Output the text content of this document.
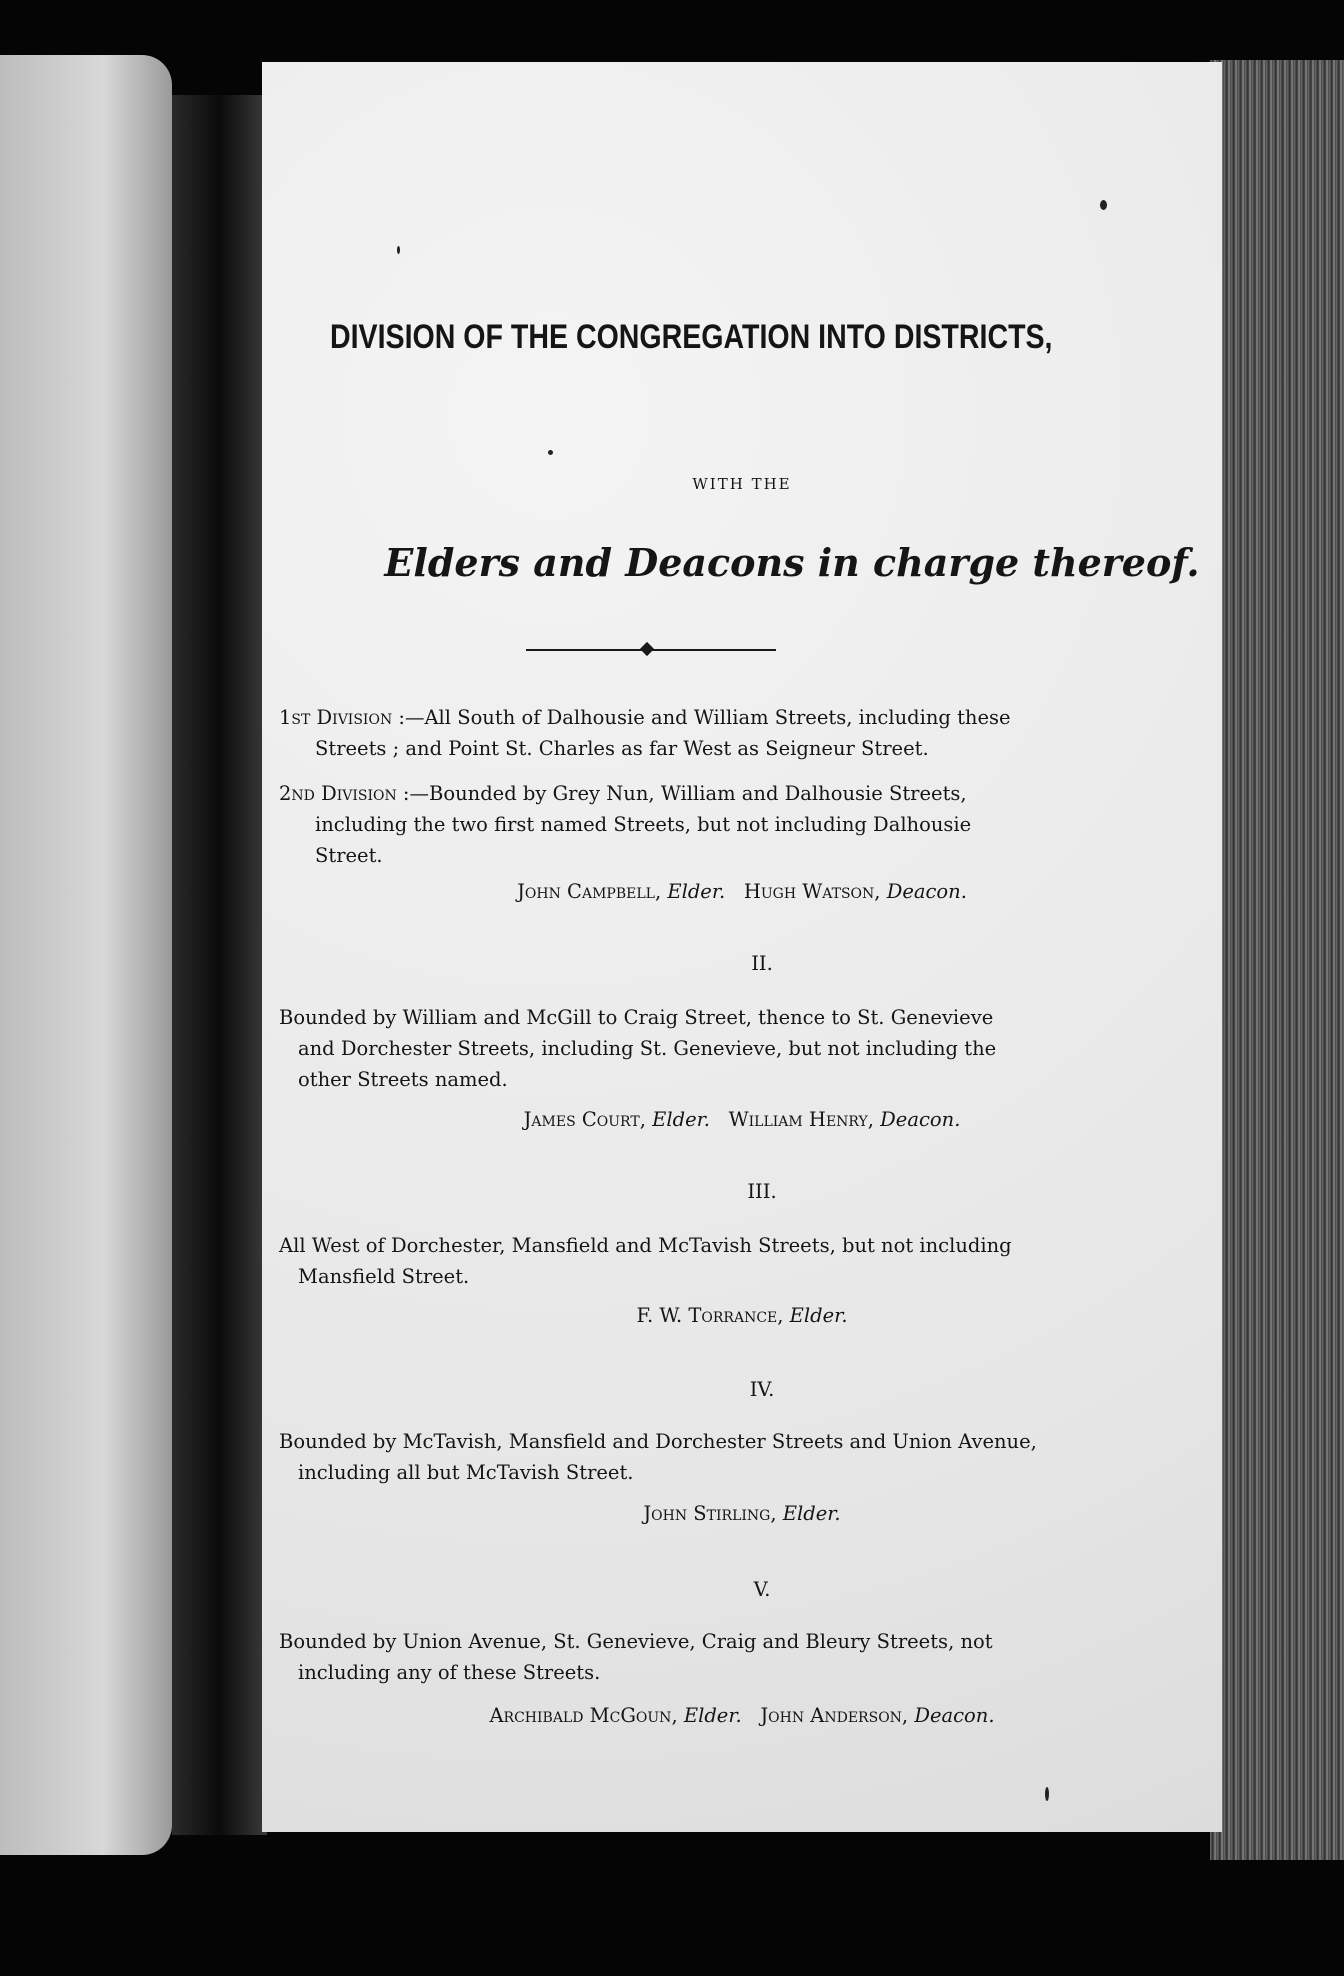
DIVISION OF THE CONGREGATION INTO DISTRICTS,

WITH THE

Elders and Deacons in charge thereof.

1st Division :—All South of Dalhousie and William Streets, including these
Streets ; and Point St. Charles as far West as Seigneur Street.

2nd Division :—Bounded by Grey Nun, William and Dalhousie Streets,
including the two first named Streets, but not including Dalhousie
Street.

John Campbell, Elder. Hugh Watson, Deacon.

II.

Bounded by William and McGill to Craig Street, thence to St. Genevieve
and Dorchester Streets, including St. Genevieve, but not including the
other Streets named.

James Court, Elder. William Henry, Deacon.

III.

All West of Dorchester, Mansfield and McTavish Streets, but not including
Mansfield Street.

F. W. Torrance, Elder.

IV.

Bounded by McTavish, Mansfield and Dorchester Streets and Union Avenue,
including all but McTavish Street.

John Stirling, Elder.

V.

Bounded by Union Avenue, St. Genevieve, Craig and Bleury Streets, not
including any of these Streets.

Archibald McGoun, Elder. John Anderson, Deacon.
